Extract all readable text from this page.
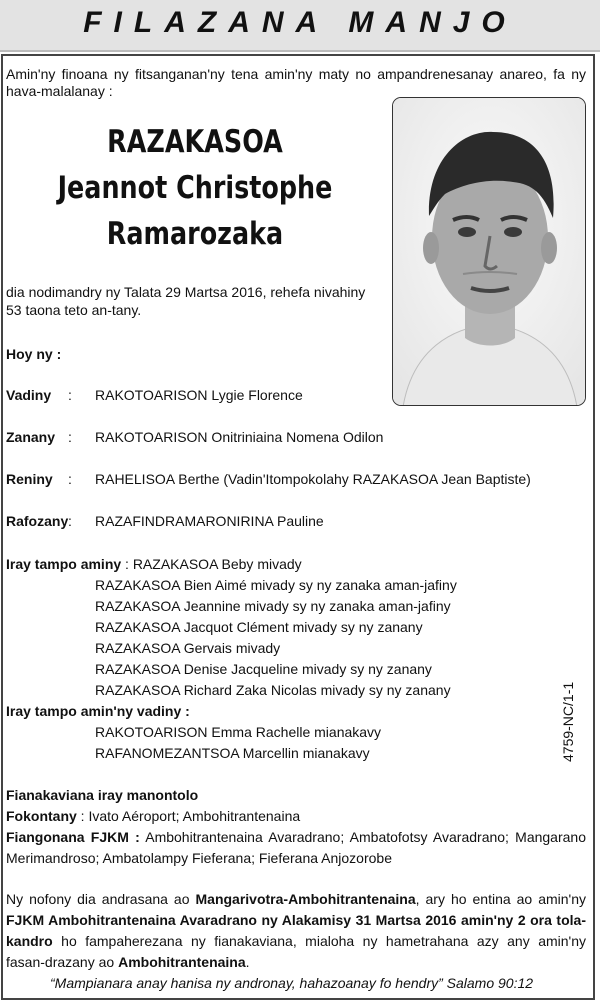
FILAZANA MANJO
Amin'ny finoana ny fitsanganan'ny tena amin'ny maty no ampandrenesanay anareo, fa ny hava-malalanay :
RAZAKASOA
Jeannot Christophe
Ramarozaka
dia nodimandry ny Talata 29 Martsa 2016, rehefa nivahiny
53 taona teto an-tany.
Hoy ny :
Vadiny : RAKOTOARISON Lygie Florence
Zanany : RAKOTOARISON Onitriniaina Nomena Odilon
Reniny : RAHELISOA Berthe (Vadin'Itompokolahy RAZAKASOA Jean Baptiste)
Rafozany : RAZAFINDRAMARONIRINA Pauline
Iray tampo aminy : RAZAKASOA Beby mivady
RAZAKASOA Bien Aimé mivady sy ny zanaka aman-jafiny
RAZAKASOA Jeannine mivady sy ny zanaka aman-jafiny
RAZAKASOA Jacquot Clément mivady sy ny zanany
RAZAKASOA Gervais mivady
RAZAKASOA Denise Jacqueline mivady sy ny zanany
RAZAKASOA Richard Zaka Nicolas mivady sy ny zanany
Iray tampo amin'ny vadiny :
RAKOTOARISON Emma Rachelle mianakavy
RAFANOMEZANTSOA Marcellin mianakavy
Fianakaviana iray manontolo
Fokontany : Ivato Aéroport; Ambohitrantenaina
Fiangonana FJKM : Ambohitrantenaina Avaradrano; Ambatofotsy Avaradrano; Mangarano
Merimandroso; Ambatolampy Fieferana; Fieferana Anjozorobe
Ny nofony dia andrasana ao Mangarivotra-Ambohitrantenaina, ary ho entina ao amin'ny
FJKM Ambohitrantenaina Avaradrano ny Alakamisy 31 Martsa 2016 amin'ny 2 ora tola-
kandro ho fampaherezana ny fianakaviana, mialoha ny hametrahana azy any amin'ny
fasan-drazany ao Ambohitrantenaina.
“Mampianara anay hanisa ny andronay, hahazoanay fo hendry” Salamo 90:12
4759-NC/1-1
